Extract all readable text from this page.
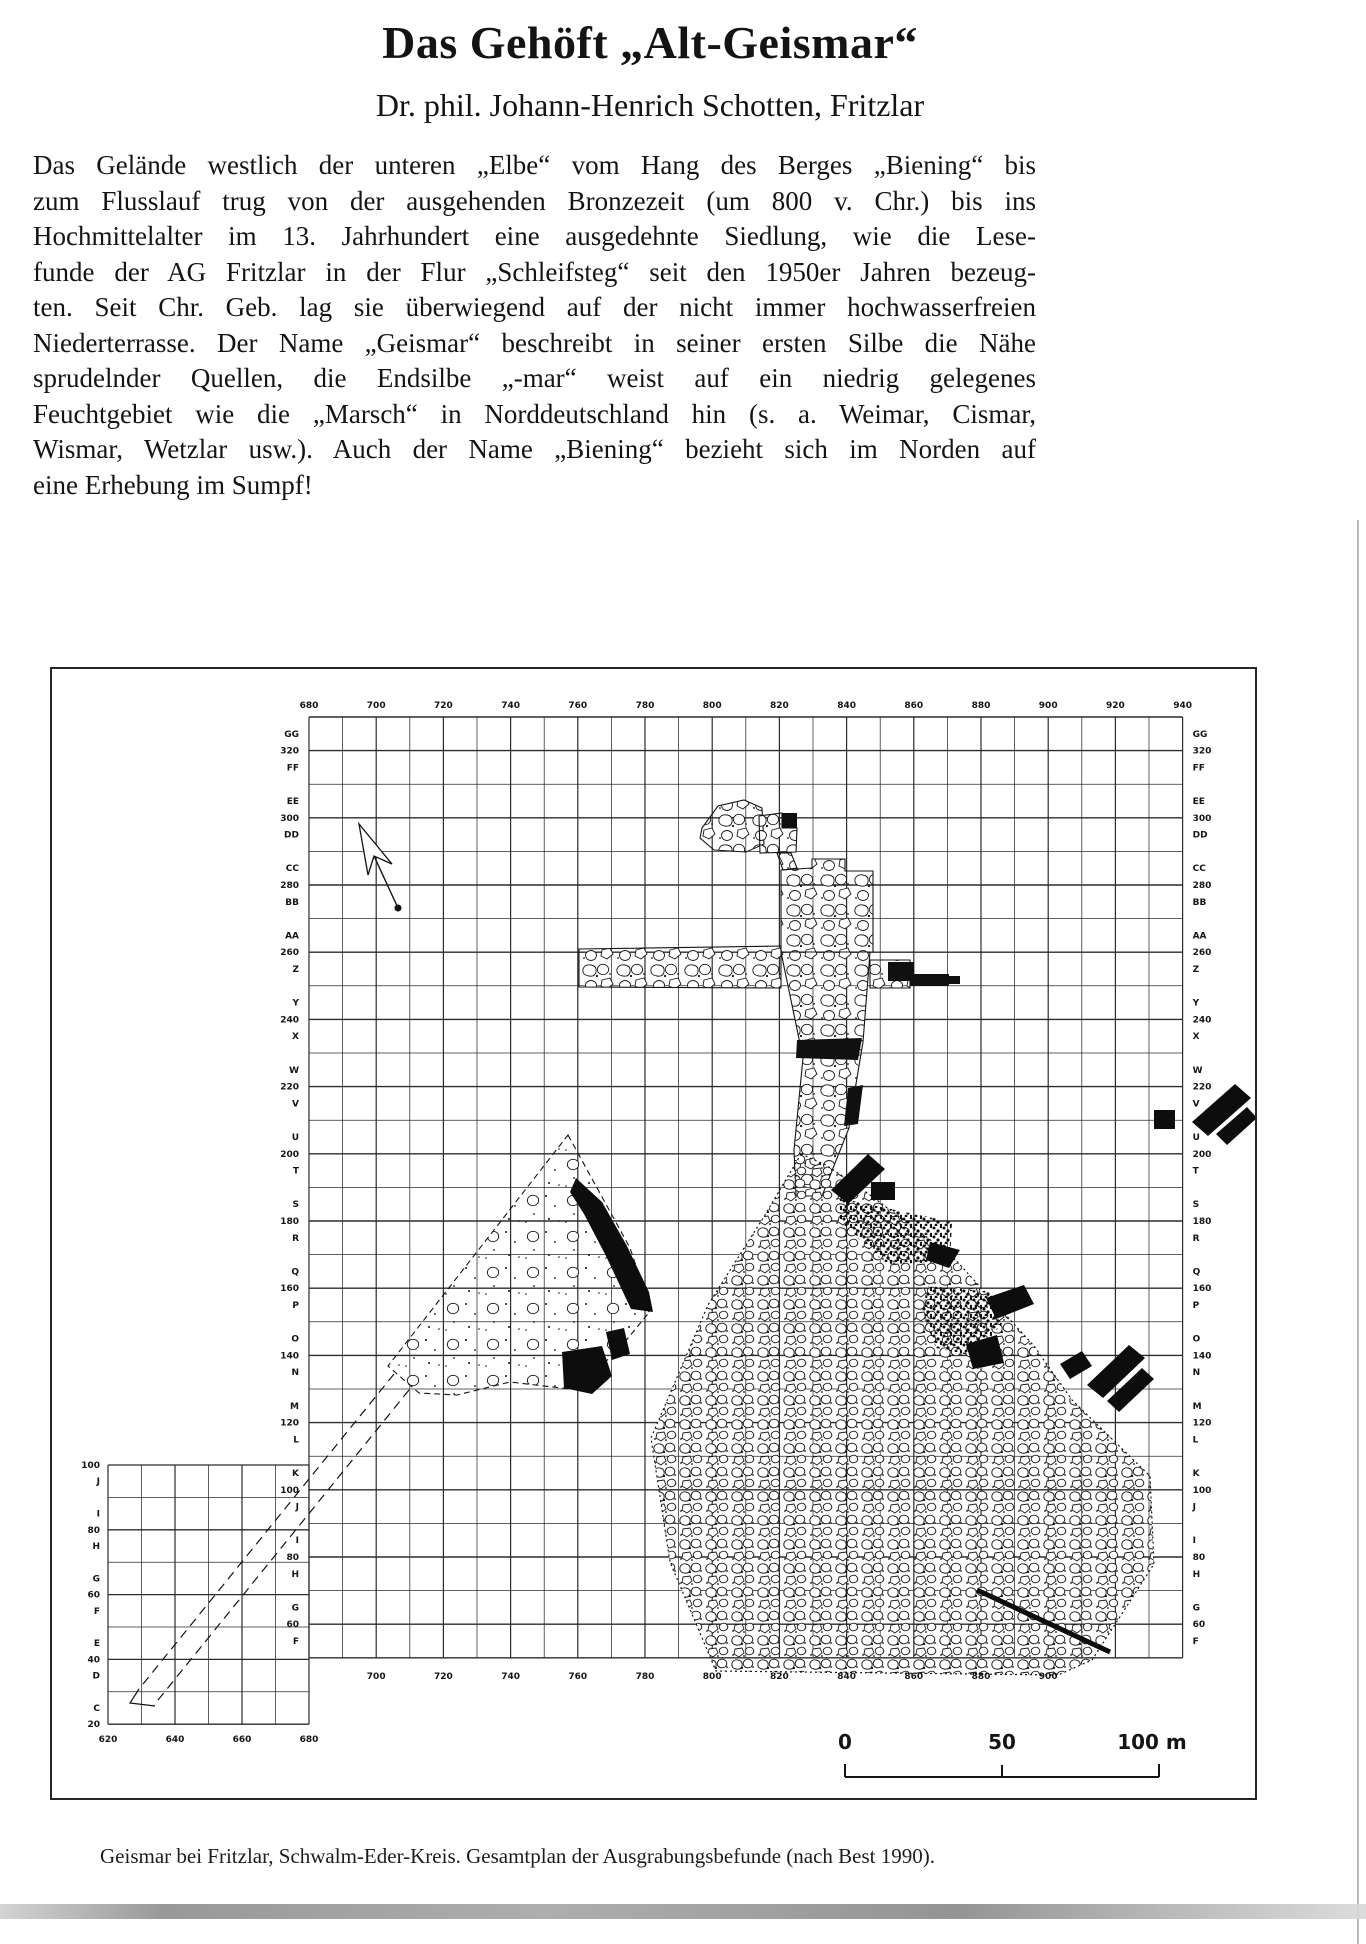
Das Gehöft „Alt-Geismar“
Dr. phil. Johann-Henrich Schotten, Fritzlar
Das Gelände westlich der unteren „Elbe“ vom Hang des Berges „Biening“ bis
zum Flusslauf trug von der ausgehenden Bronzezeit (um 800 v. Chr.) bis ins
Hochmittelalter im 13. Jahrhundert eine ausgedehnte Siedlung, wie die Lese-
funde der AG Fritzlar in der Flur „Schleifsteg“ seit den 1950er Jahren bezeug-
ten. Seit Chr. Geb. lag sie überwiegend auf der nicht immer hochwasserfreien
Niederterrasse. Der Name „Geismar“ beschreibt in seiner ersten Silbe die Nähe
sprudelnder Quellen, die Endsilbe „-mar“ weist auf ein niedrig gelegenes
Feuchtgebiet wie die „Marsch“ in Norddeutschland hin (s. a. Weimar, Cismar,
Wismar, Wetzlar usw.). Auch der Name „Biening“ bezieht sich im Norden auf
eine Erhebung im Sumpf!
680	700	720	740	760	780	800	820	840	860	880	900	920	940
700	720	740	760	780	800	820	840	860	880	900
GG	GG
FF	FF
EE	EE
DD	DD
CC	CC
BB	BB
AA	AA
Z	Z
Y	Y
X	X
W	W
V	V
U	U
T	T
S	S
R	R
Q	Q
P	P
O	O
N	N
M	M
L	L
K	K
J	J
I	I
H	H
G	G
F	F
320	320
300	300
280	280
260	260
240	240
220	220
200	200
180	180
160	160
140	140
120	120
100	100
80	80
60	60
620	640	660	680
J
I
H
G
F
E
D
C
100
80
60
40
20
0	50	100 m
Geismar bei Fritzlar, Schwalm-Eder-Kreis. Gesamtplan der Ausgrabungsbefunde (nach Best 1990).
